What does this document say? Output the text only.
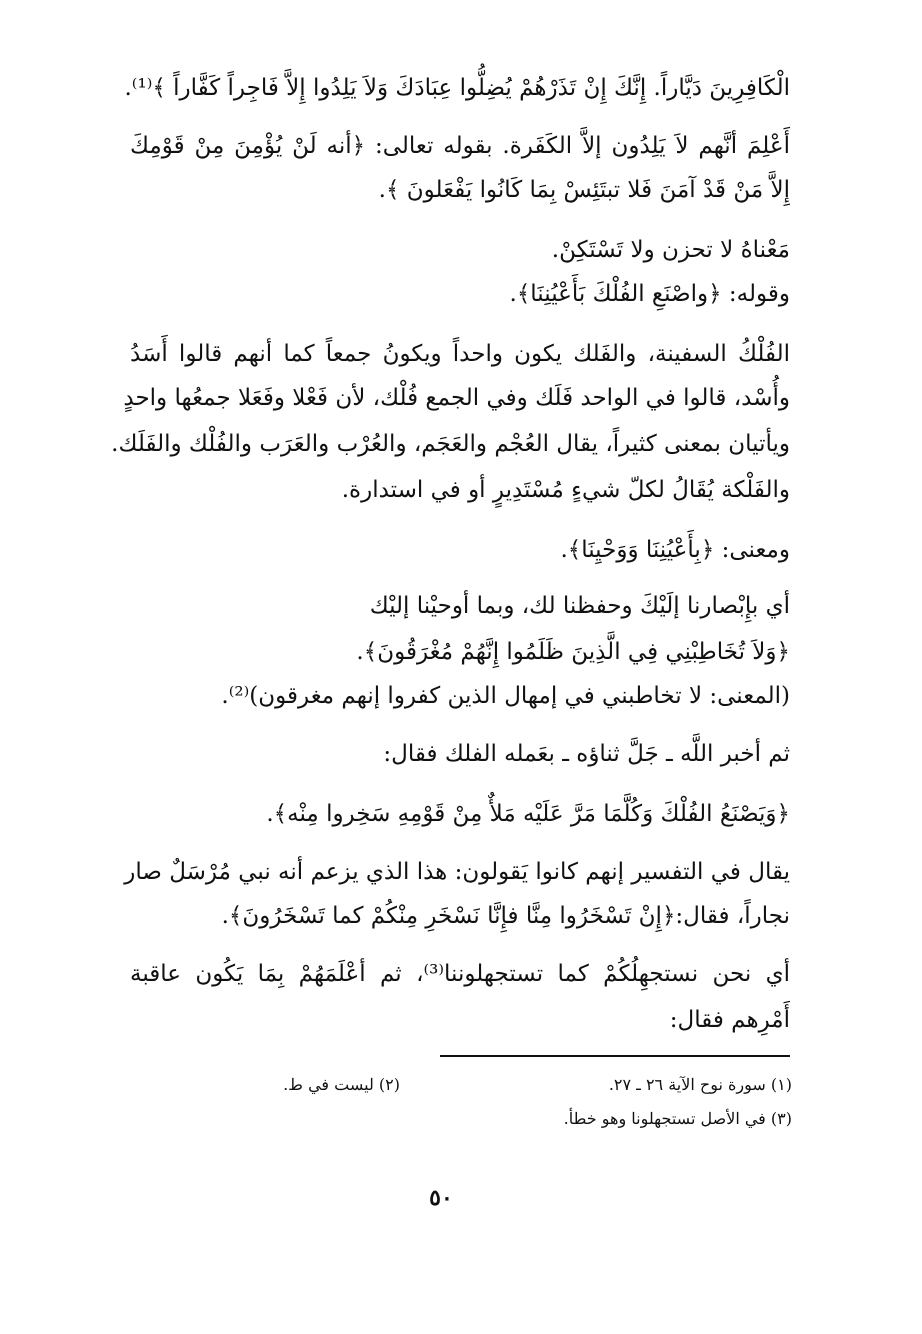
الْكَافِرِينَ دَيَّاراً. إِنَّكَ إِنْ تَذَرْهُمْ يُضِلُّوا عِبَادَكَ وَلاَ يَلِدُوا إِلاَّ فَاجِراً كَفَّاراً ﴾⁽¹⁾.
أَعْلِمَ أنَّهم لاَ يَلِدُون إلاَّ الكَفَرة. بقوله تعالى: ﴿أنه لَنْ يُؤْمِنَ مِنْ قَوْمِكَ
إِلاَّ مَنْ قَدْ آمَنَ فَلا تبتَئِسْ بِمَا كَانُوا يَفْعَلونَ ﴾.
مَعْناهُ لا تحزن ولا تَسْتَكِنْ.
وقوله: ﴿واصْنَعِ الفُلْكَ بَأَعْيُنِنَا﴾.
الفُلْكُ السفينة، والفَلك يكون واحداً ويكونُ جمعاً كما أنهم قالوا أَسَدُ
وأُسْد، قالوا في الواحد فَلَك وفي الجمع فُلْك، لأن فَعْلا وفَعَلا جمعُها واحدٍ
ويأتيان بمعنى كثيراً، يقال العُجْم والعَجَم، والعُرْب والعَرَب والفُلْك والفَلَك.
والفَلْكة يُقَالُ لكلّ شيءٍ مُسْتَدِيرٍ أو في استدارة.
ومعنى: ﴿بِأَعْيُنِنَا وَوَحْيِنَا﴾.
أي بإِبْصارنا إلَيْكَ وحفظنا لك، وبما أوحيْنا إليْك
﴿وَلاَ تُخَاطِبْنِي فِي الَّذِينَ ظَلَمُوا إِنَّهُمْ مُغْرَقُونَ﴾.
(المعنى: لا تخاطبني في إمهال الذين كفروا إنهم مغرقون)⁽²⁾.
ثم أخبر اللَّه ـ جَلَّ ثناؤه ـ بعَمله الفلك فقال:
﴿وَيَصْنَعُ الفُلْكَ وَكُلَّمَا مَرَّ عَلَيْه مَلأٌ مِنْ قَوْمِهِ سَخِروا مِنْه﴾.
يقال في التفسير إنهم كانوا يَقولون: هذا الذي يزعم أنه نبي مُرْسَلٌ صار
نجاراً، فقال:﴿إِنْ تَسْخَرُوا مِنَّا فإِنَّا نَسْخَرِ مِنْكُمْ كما تَسْخَرُونَ﴾.
أي نحن نستجهِلُكُمْ كما تستجهلوننا⁽³⁾، ثم أعْلَمَهُمْ بِمَا يَكُون عاقبة
أَمْرِهم فقال:
(١) سورة نوح الآية ٢٦ ـ ٢٧.
(٢) ليست في ط.
(٣) في الأصل تستجهلونا وهو خطأ.
٥٠
